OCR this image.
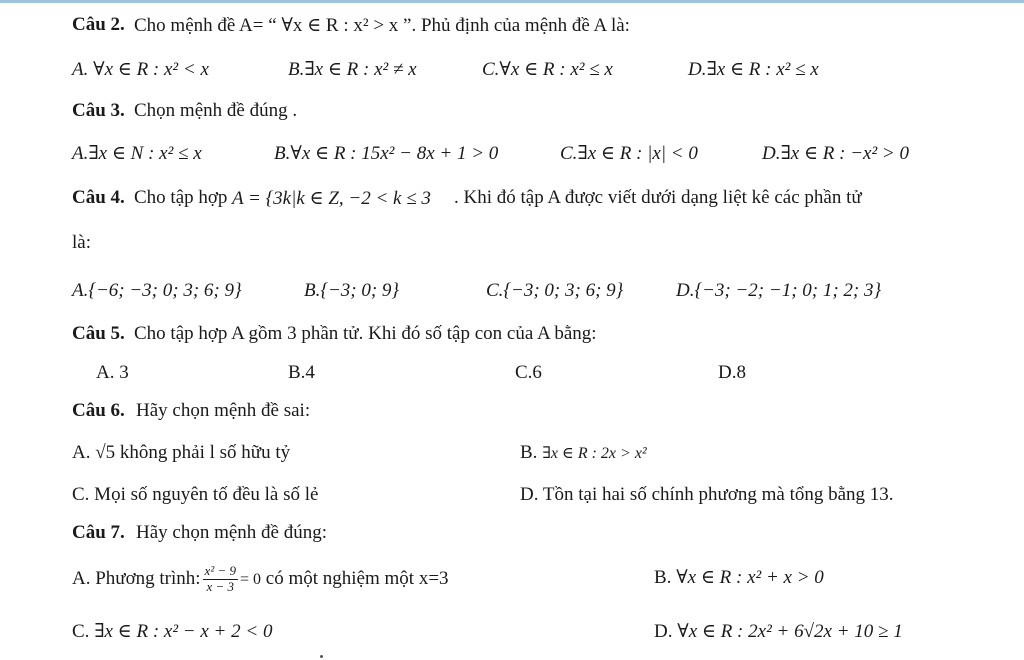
Câu 2. Cho mệnh đề A= “ ∀x ∈ R : x² > x ”. Phủ định của mệnh đề A là:
A. ∀x ∈ R : x² < x	B.∃x ∈ R : x² ≠ x	C.∀x ∈ R : x² ≤ x	D.∃x ∈ R : x² ≤ x
Câu 3. Chọn mệnh đề đúng .
A.∃x ∈ N : x² ≤ x	B.∀x ∈ R : 15x² − 8x + 1 > 0	C.∃x ∈ R : |x| < 0	D.∃x ∈ R : −x² > 0
Câu 4. Cho tập hợp A = {3k|k ∈ Z, −2 < k ≤ 3 . Khi đó tập A được viết dưới dạng liệt kê các phần tử
là:
A.{−6; −3; 0; 3; 6; 9}	B.{−3; 0; 9}	C.{−3; 0; 3; 6; 9}	D.{−3; −2; −1; 0; 1; 2; 3}
Câu 5. Cho tập hợp A gồm 3 phần tử. Khi đó số tập con của A bằng:
A. 3	B.4	C.6	D.8
Câu 6. Hãy chọn mệnh đề sai:
A. √5 không phải l số hữu tỷ	B. ∃x ∈ R : 2x > x²
C. Mọi số nguyên tố đều là số lẻ	D. Tồn tại hai số chính phương mà tổng bằng 13.
Câu 7. Hãy chọn mệnh đề đúng:
A. Phương trình: $\frac{\text{x² − 9}}{x - 3} = 0$ có một nghiệm một x=3	B. ∀x ∈ R : x² + x > 0
C. ∃x ∈ R : x² − x + 2 < 0	D. ∀x ∈ R : 2x² + 6√2x + 10 ≥ 1
